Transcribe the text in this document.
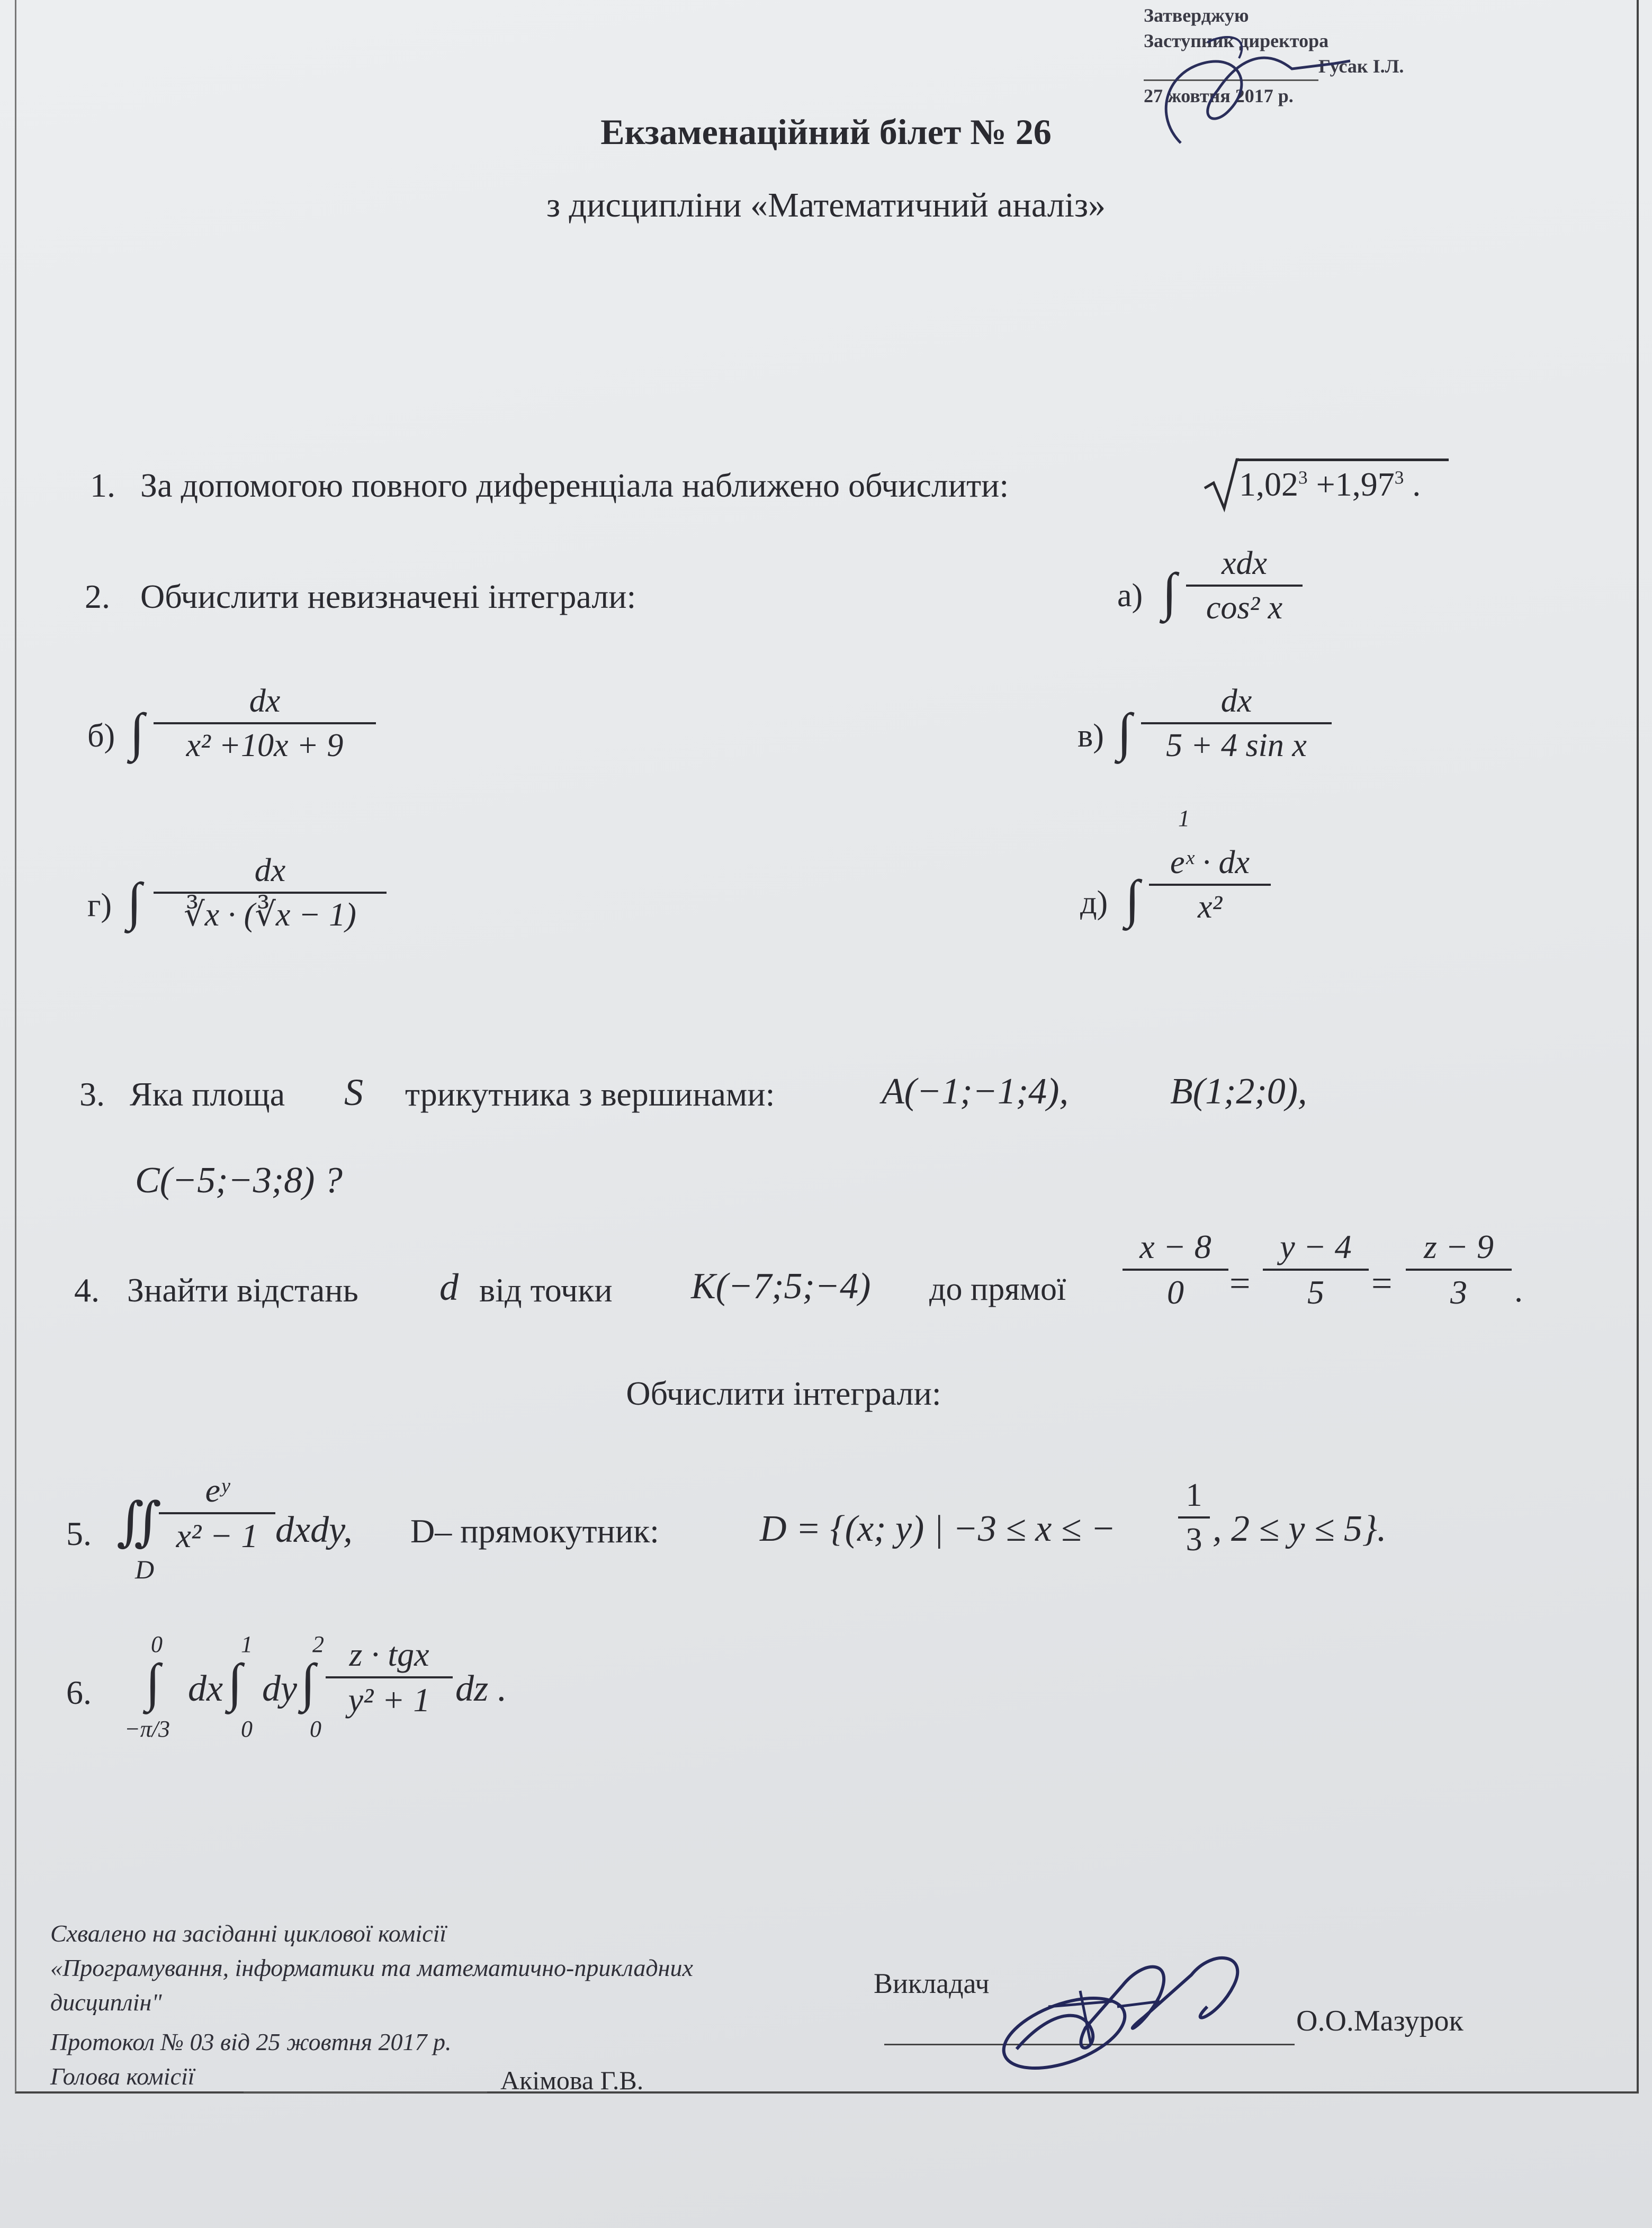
Затверджую
Заступник директора
Гусак І.Л.
27 жовтня 2017 р.
Екзаменаційний білет № 26
з дисципліни «Математичний аналіз»
1. За допомогою повного диференціала наближено обчислити:	$1,02^3 +1,97^3$ .
2. Обчислити невизначені інтеграли:	а) ∫	xdx
cos² x
б) ∫
dx
x² +10x + 9	в) ∫
dx
5 + 4 sin x
г) ∫
dx
∛x · (∛x − 1)	д) ∫
1
eˣ · dx
x²
3. Яка площа S трикутника з вершинами:	A(−1;−1;4),	B(1;2;0),
C(−5;−3;8) ?
4. Знайти відстань d від точки K(−7;5;−4) до прямої
x − 8
0	=
y − 4
5	=
z − 9
3	.
Обчислити інтеграли:
5. ∬
D
eʸ
x² − 1 dxdy, D– прямокутник:	D = {(x; y) | −3 ≤ x ≤ −
1
3 , 2 ≤ y ≤ 5}.
6.
0
∫
−π/3
dx
1
∫
0
dy
2
∫
0
z · tgx
y² + 1 dz .
Схвалено на засіданні циклової комісії
«Програмування, інформатики та математично-прикладних
дисциплін"
Протокол № 03 від 25 жовтня 2017 р.
Голова комісії	Акімова Г.В.
Викладач
О.О.Мазурок
